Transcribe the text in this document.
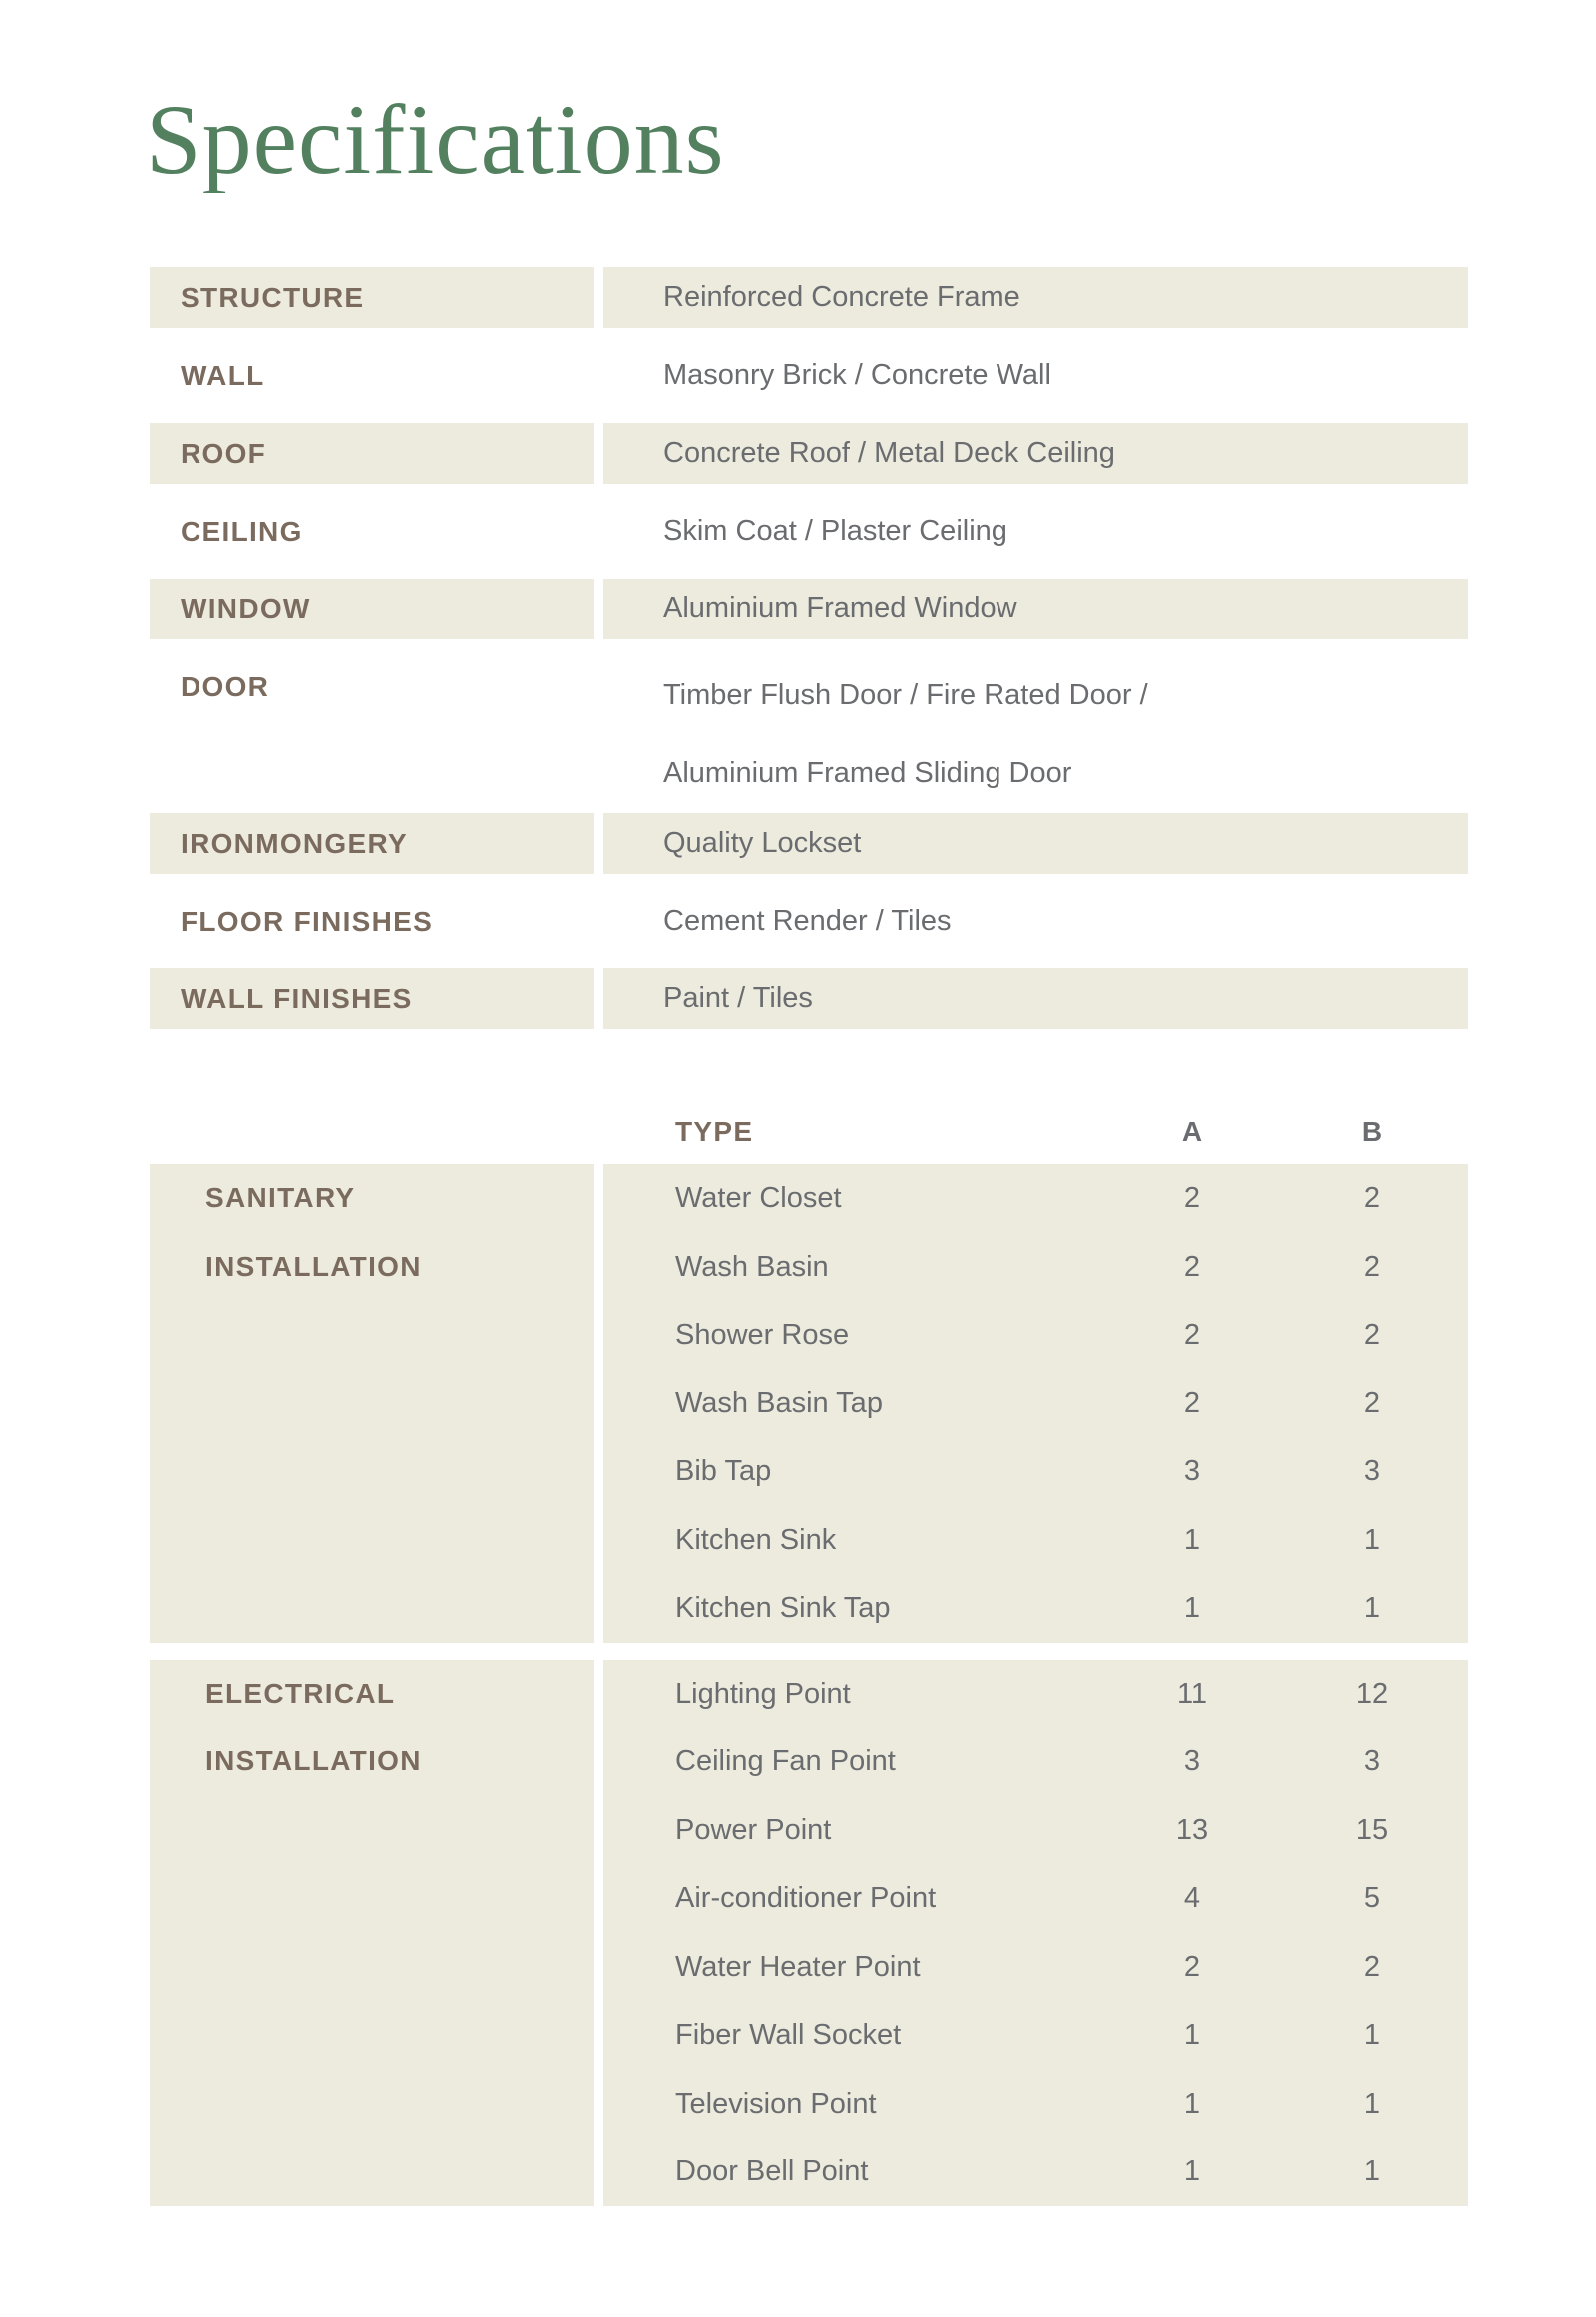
Specifications
STRUCTURE	Reinforced Concrete Frame
WALL	Masonry Brick / Concrete Wall
ROOF	Concrete Roof / Metal Deck Ceiling
CEILING	Skim Coat / Plaster Ceiling
WINDOW	Aluminium Framed Window
DOOR	Timber Flush Door / Fire Rated Door /
Aluminium Framed Sliding Door
IRONMONGERY	Quality Lockset
FLOOR FINISHES	Cement Render / Tiles
WALL FINISHES	Paint / Tiles
TYPE	A	B
SANITARY
INSTALLATION
Water Closet	2	2
Wash Basin	2	2
Shower Rose	2	2
Wash Basin Tap	2	2
Bib Tap	3	3
Kitchen Sink	1	1
Kitchen Sink Tap	1	1
ELECTRICAL
INSTALLATION
Lighting Point	11	12
Ceiling Fan Point	3	3
Power Point	13	15
Air-conditioner Point	4	5
Water Heater Point	2	2
Fiber Wall Socket	1	1
Television Point	1	1
Door Bell Point	1	1
